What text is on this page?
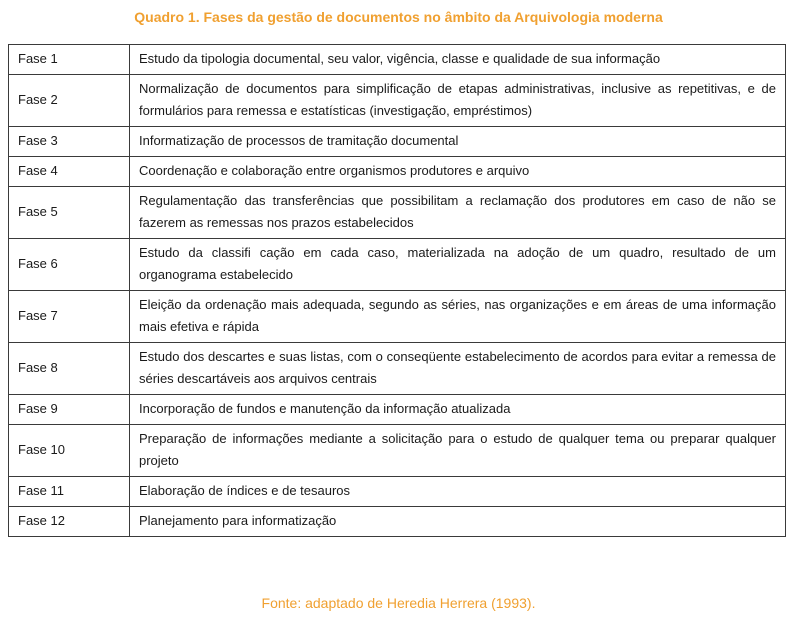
Quadro 1. Fases da gestão de documentos no âmbito da Arquivologia moderna
Fase 1	Estudo da tipologia documental, seu valor, vigência, classe e qualidade de sua informação
Fase 2	Normalização de documentos para simplificação de etapas administrativas, inclusive as repetitivas, e de formulários para remessa e estatísticas (investigação, empréstimos)
Fase 3	Informatização de processos de tramitação documental
Fase 4	Coordenação e colaboração entre organismos produtores e arquivo
Fase 5	Regulamentação das transferências que possibilitam a reclamação dos produtores em caso de não se fazerem as remessas nos prazos estabelecidos
Fase 6	Estudo da classifi cação em cada caso, materializada na adoção de um quadro, resultado de um organograma estabelecido
Fase 7	Eleição da ordenação mais adequada, segundo as séries, nas organizações e em áreas de uma informação mais efetiva e rápida
Fase 8	Estudo dos descartes e suas listas, com o conseqüente estabelecimento de acordos para evitar a remessa de séries descartáveis aos arquivos centrais
Fase 9	Incorporação de fundos e manutenção da informação atualizada
Fase 10	Preparação de informações mediante a solicitação para o estudo de qualquer tema ou preparar qualquer projeto
Fase 11	Elaboração de índices e de tesauros
Fase 12	Planejamento para informatização
Fonte: adaptado de Heredia Herrera (1993).
